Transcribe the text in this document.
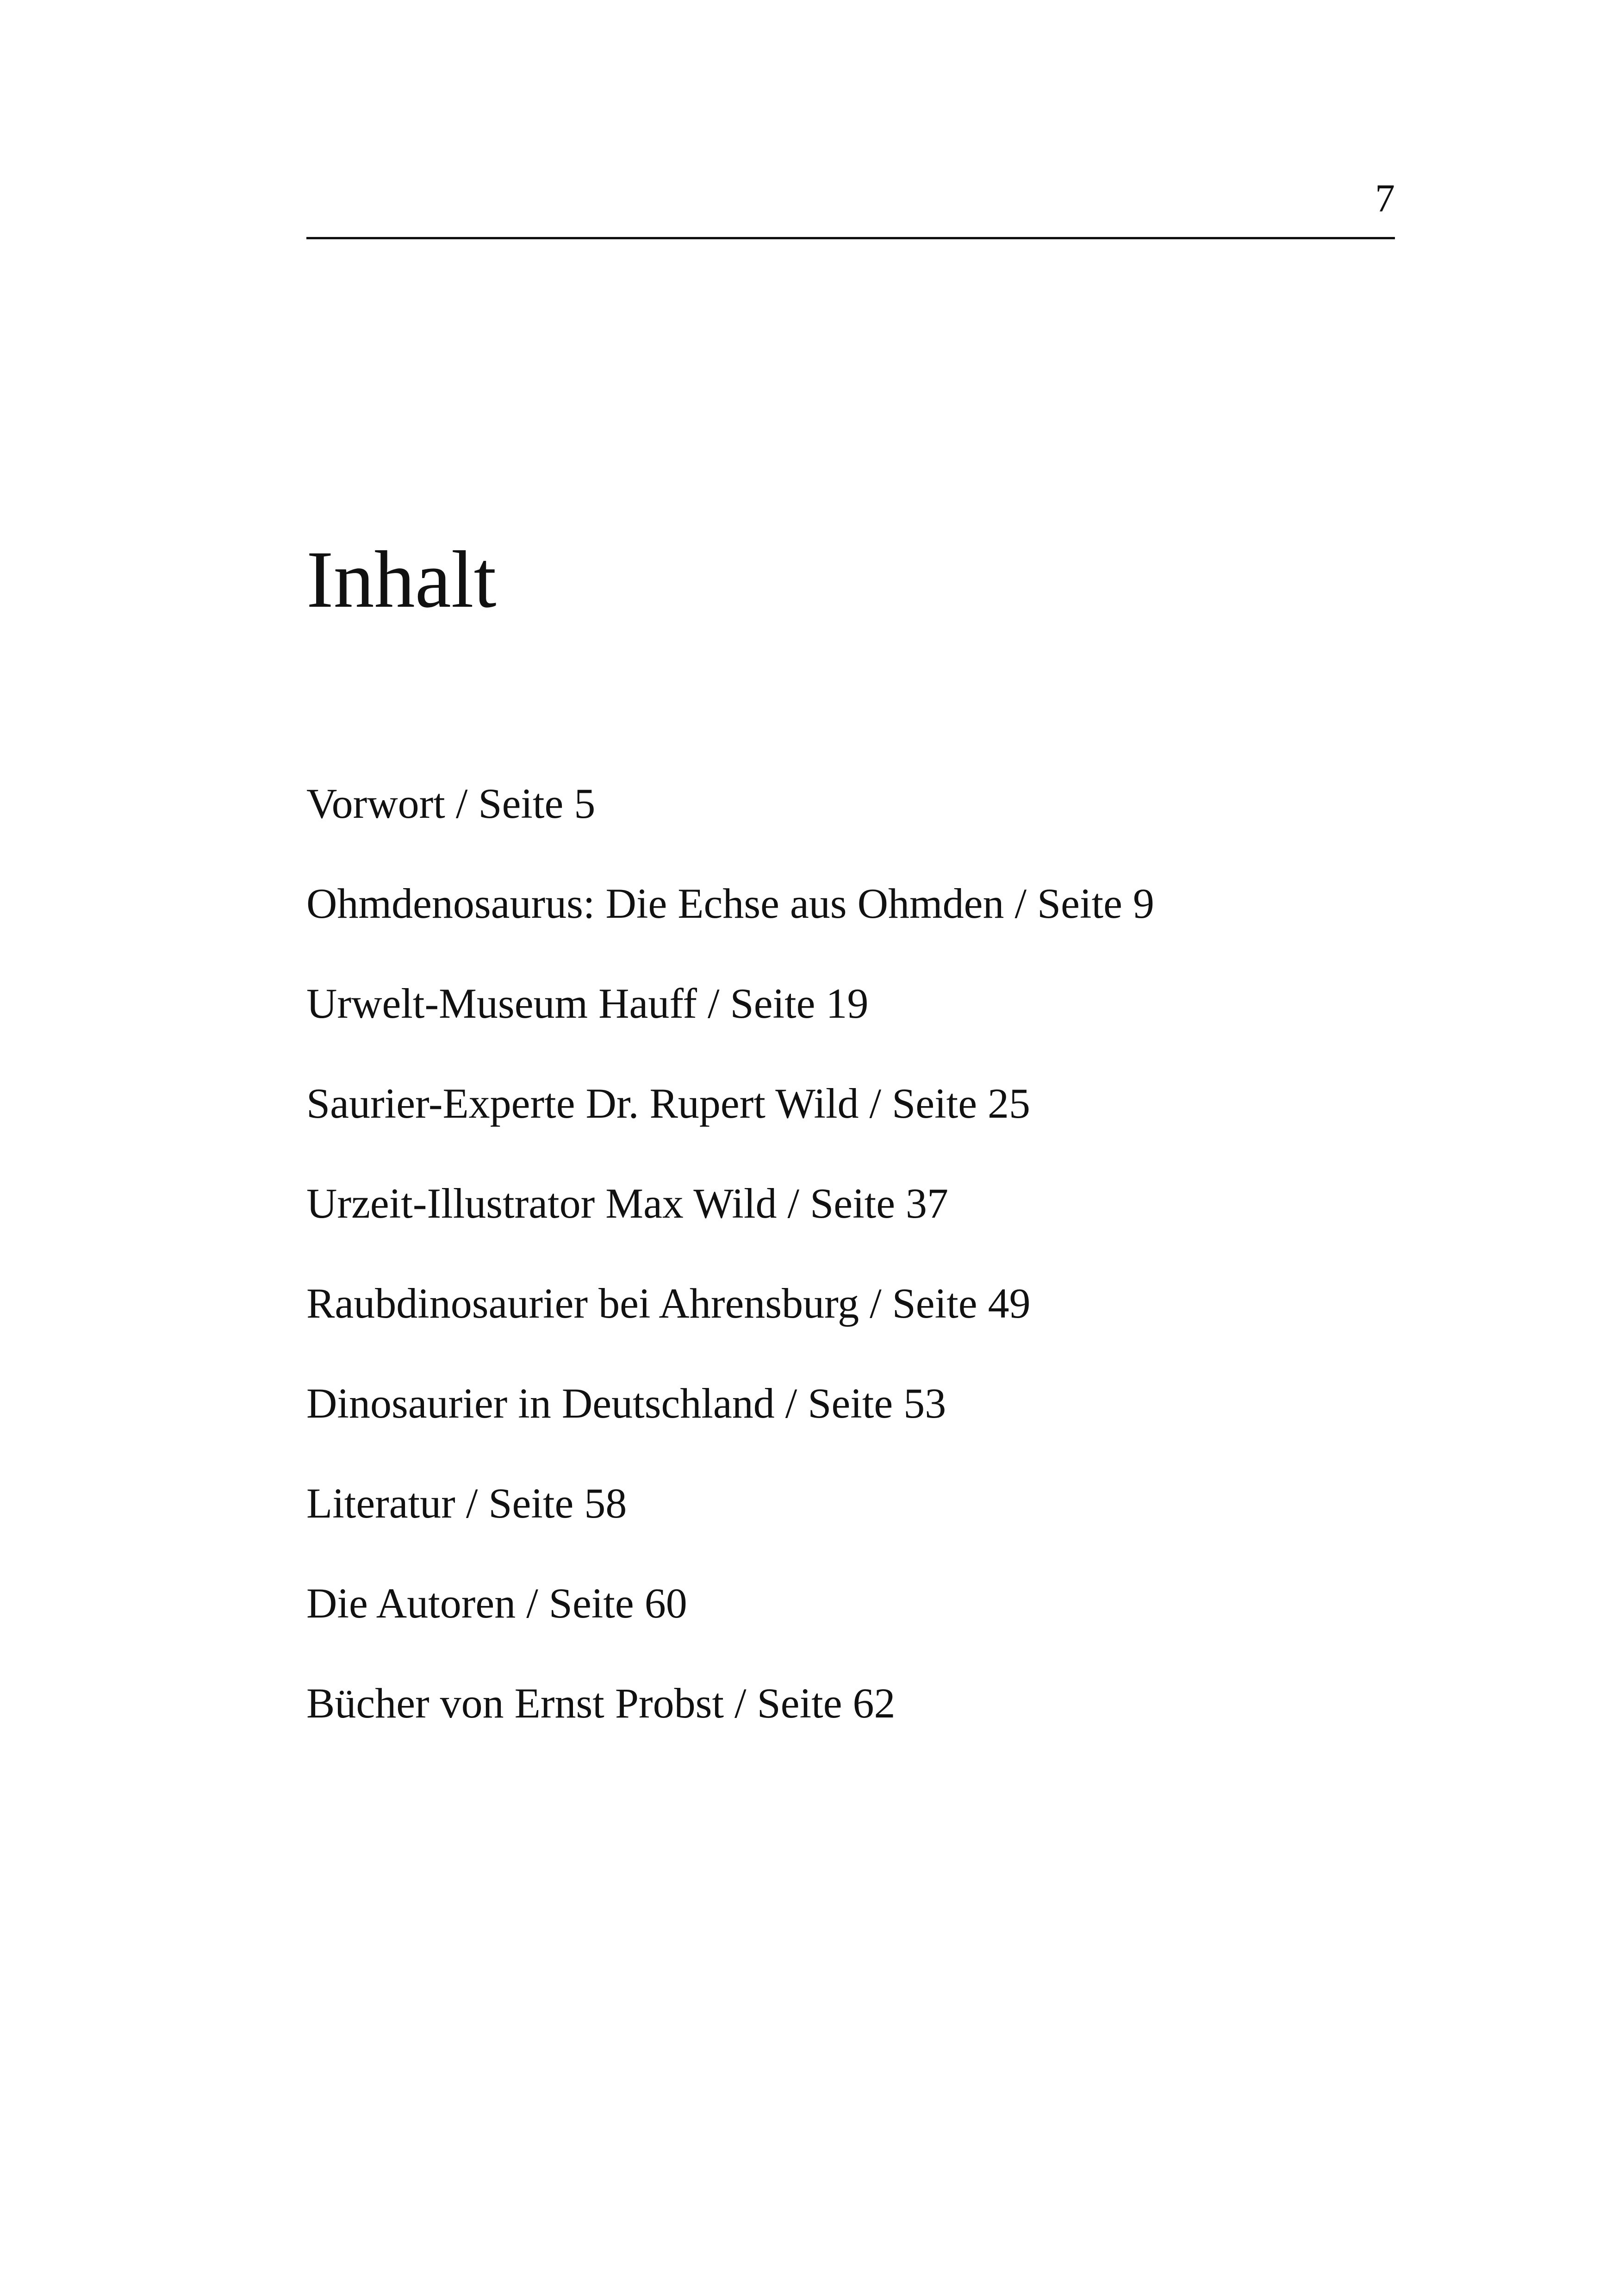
7
Inhalt
Vorwort / Seite 5
Ohmdenosaurus: Die Echse aus Ohmden / Seite 9
Urwelt-Museum Hauff / Seite 19
Saurier-Experte Dr. Rupert Wild / Seite 25
Urzeit-Illustrator Max Wild / Seite 37
Raubdinosaurier bei Ahrensburg / Seite 49
Dinosaurier in Deutschland / Seite 53
Literatur / Seite 58
Die Autoren / Seite 60
Bücher von Ernst Probst / Seite 62
